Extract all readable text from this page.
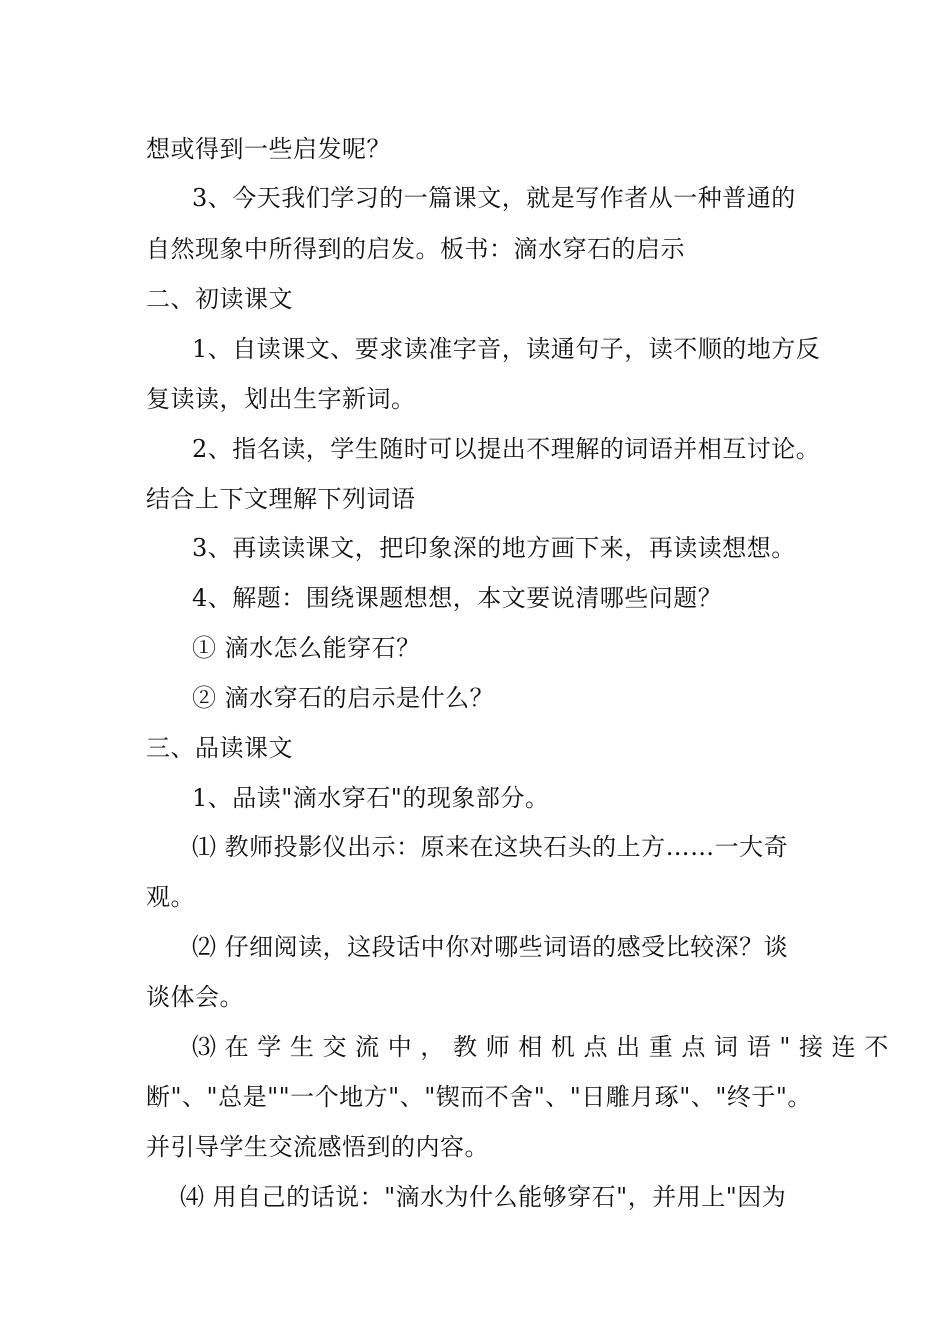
想或得到一些启发呢？
3、今天我们学习的一篇课文，就是写作者从一种普通的
自然现象中所得到的启发。板书：滴水穿石的启示
二、初读课文
1、自读课文、要求读准字音，读通句子，读不顺的地方反
复读读，划出生字新词。
2、指名读，学生随时可以提出不理解的词语并相互讨论。
结合上下文理解下列词语
3、再读读课文，把印象深的地方画下来，再读读想想。
4、解题：围绕课题想想，本文要说清哪些问题？
① 滴水怎么能穿石？
② 滴水穿石的启示是什么？
三、品读课文
1、品读"滴水穿石"的现象部分。
⑴ 教师投影仪出示：原来在这块石头的上方……一大奇
观。
⑵ 仔细阅读，这段话中你对哪些词语的感受比较深？谈
谈体会。
⑶ 在 学 生 交 流 中 ， 教 师 相 机 点 出 重 点 词 语 " 接 连 不
断"、"总是""一个地方"、"锲而不舍"、"日雕月琢"、"终于"。
并引导学生交流感悟到的内容。
⑷ 用自己的话说："滴水为什么能够穿石"，并用上"因为
